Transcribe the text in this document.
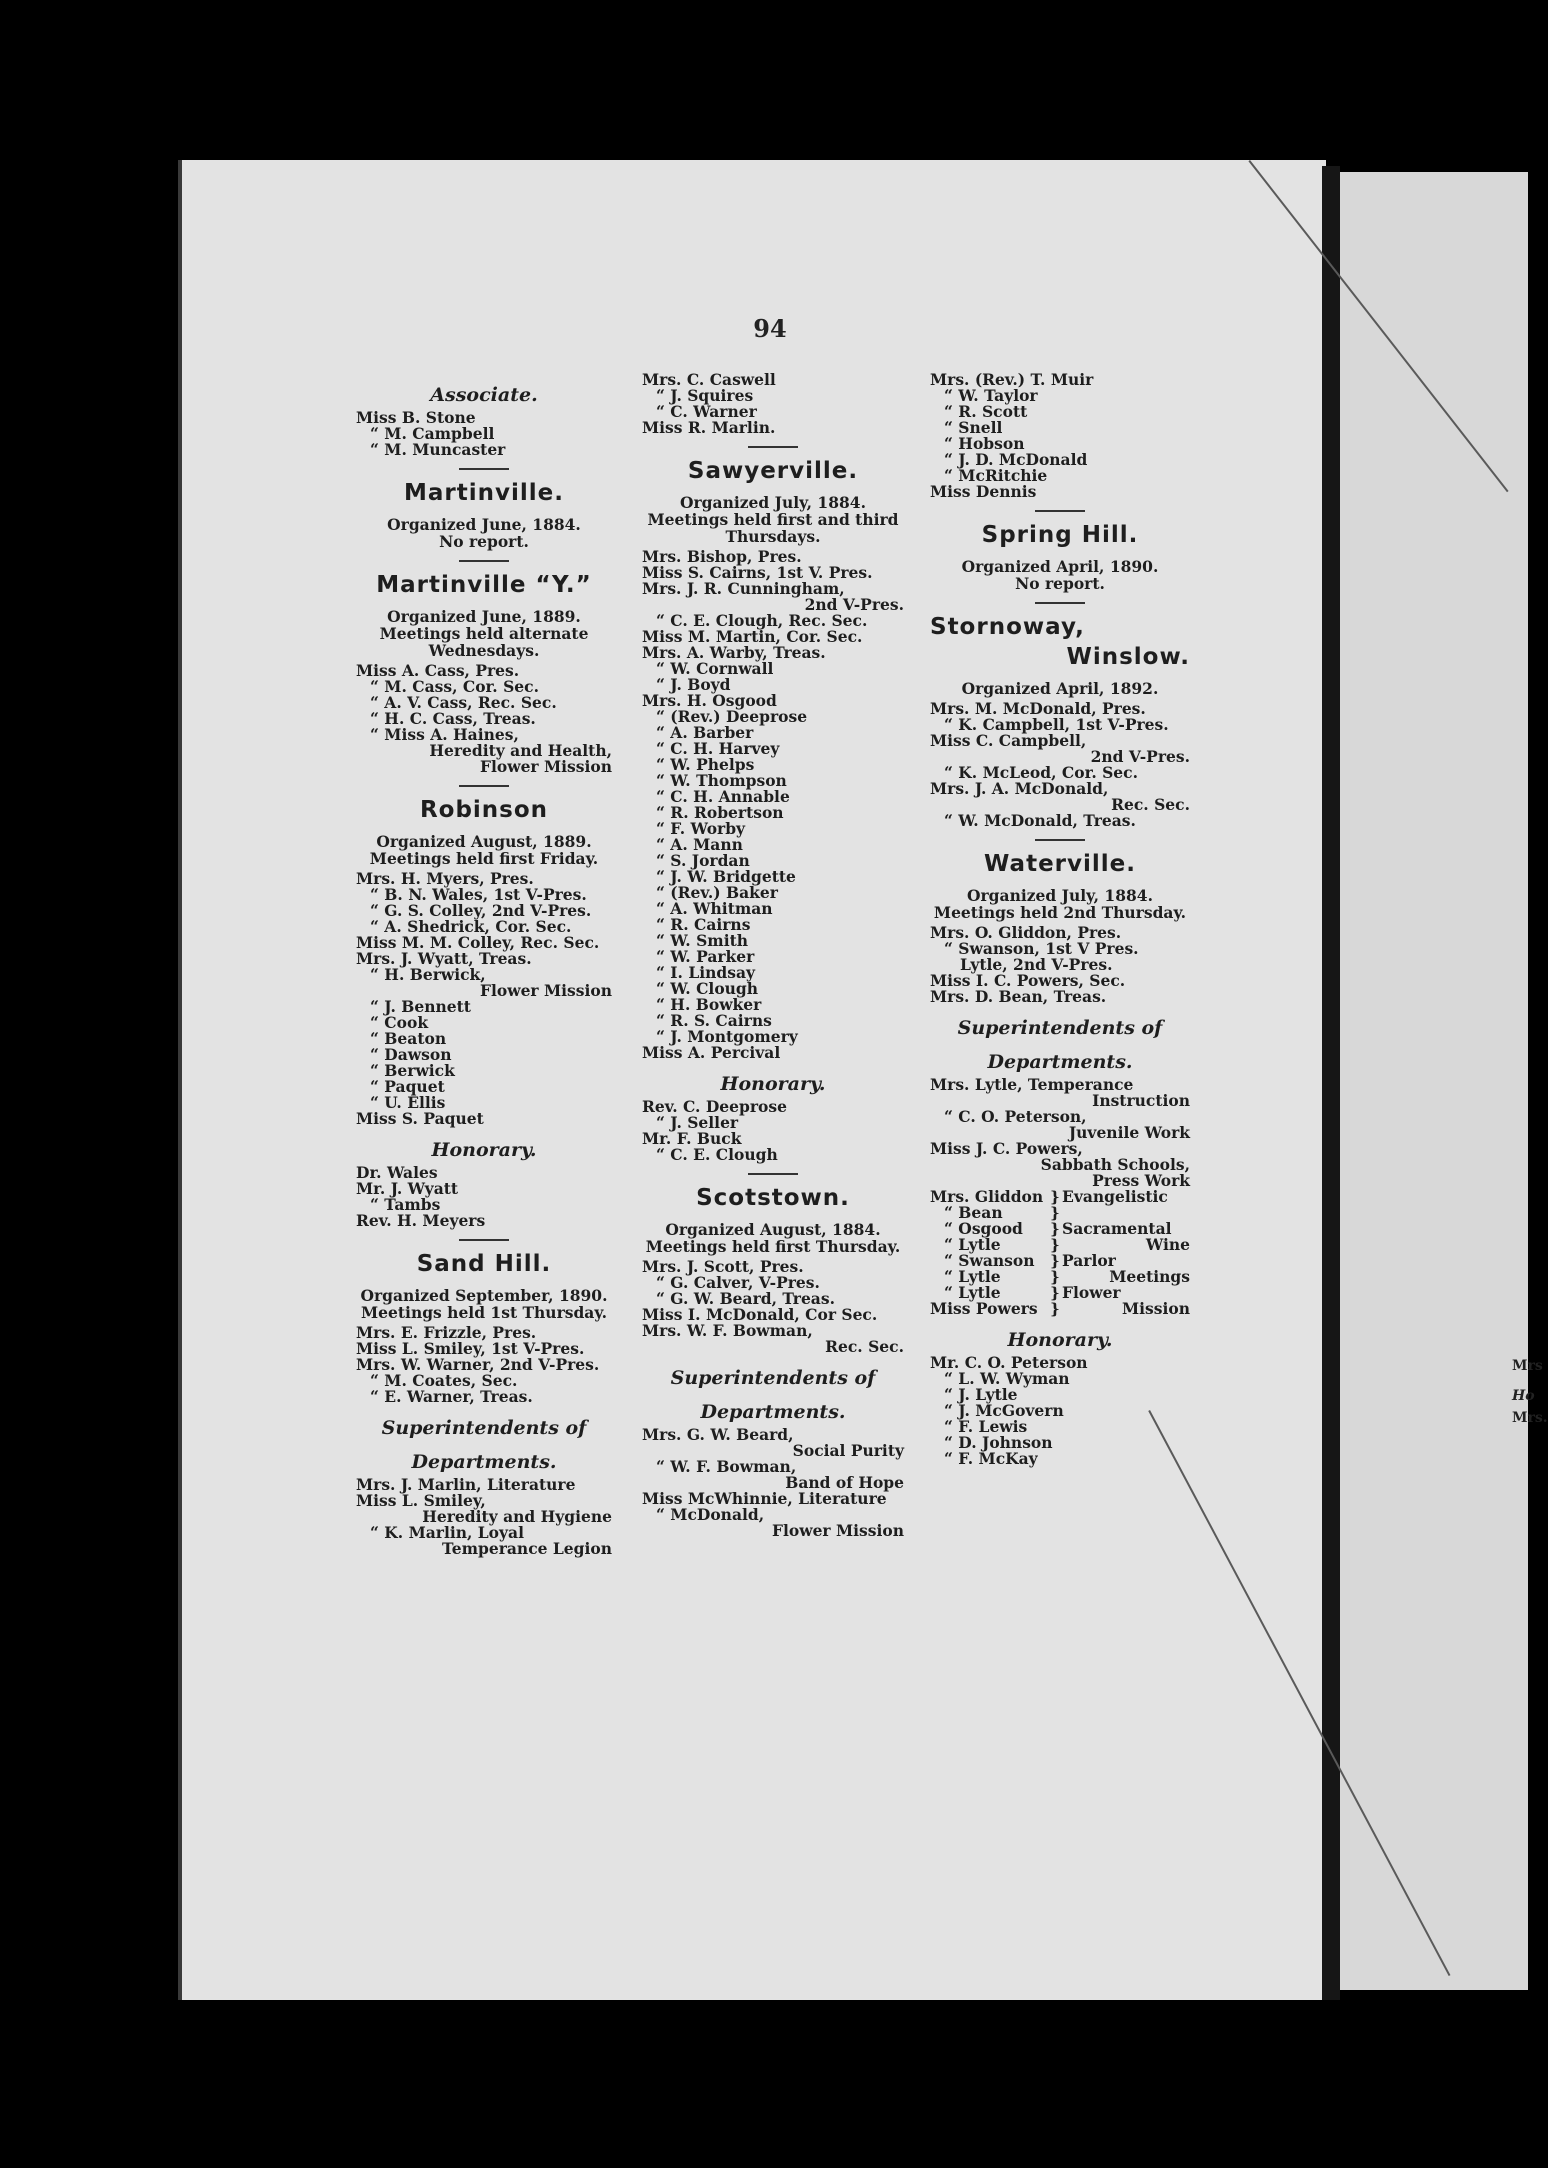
94
Associate.
Miss B. Stone
“ M. Campbell
“ M. Muncaster
Martinville.
Organized June, 1884.
No report.
Martinville “Y.”
Organized June, 1889.
Meetings held alternate
Wednesdays.
Miss A. Cass, Pres.
“ M. Cass, Cor. Sec.
“ A. V. Cass, Rec. Sec.
“ H. C. Cass, Treas.
“ Miss A. Haines,
Heredity and Health,
Flower Mission
Robinson
Organized August, 1889.
Meetings held first Friday.
Mrs. H. Myers, Pres.
“ B. N. Wales, 1st V-Pres.
“ G. S. Colley, 2nd V-Pres.
“ A. Shedrick, Cor. Sec.
Miss M. M. Colley, Rec. Sec.
Mrs. J. Wyatt, Treas.
“ H. Berwick,
Flower Mission
“ J. Bennett
“ Cook
“ Beaton
“ Dawson
“ Berwick
“ Paquet
“ U. Ellis
Miss S. Paquet
Honorary.
Dr. Wales
Mr. J. Wyatt
“ Tambs
Rev. H. Meyers
Sand Hill.
Organized September, 1890.
Meetings held 1st Thursday.
Mrs. E. Frizzle, Pres.
Miss L. Smiley, 1st V-Pres.
Mrs. W. Warner, 2nd V-Pres.
“ M. Coates, Sec.
“ E. Warner, Treas.
Superintendents of
Departments.
Mrs. J. Marlin, Literature
Miss L. Smiley,
Heredity and Hygiene
“ K. Marlin, Loyal
Temperance Legion
Mrs. C. Caswell
“ J. Squires
“ C. Warner
Miss R. Marlin.
Sawyerville.
Organized July, 1884.
Meetings held first and third
Thursdays.
Mrs. Bishop, Pres.
Miss S. Cairns, 1st V. Pres.
Mrs. J. R. Cunningham,
2nd V-Pres.
“ C. E. Clough, Rec. Sec.
Miss M. Martin, Cor. Sec.
Mrs. A. Warby, Treas.
“ W. Cornwall
“ J. Boyd
Mrs. H. Osgood
“ (Rev.) Deeprose
“ A. Barber
“ C. H. Harvey
“ W. Phelps
“ W. Thompson
“ C. H. Annable
“ R. Robertson
“ F. Worby
“ A. Mann
“ S. Jordan
“ J. W. Bridgette
“ (Rev.) Baker
“ A. Whitman
“ R. Cairns
“ W. Smith
“ W. Parker
“ I. Lindsay
“ W. Clough
“ H. Bowker
“ R. S. Cairns
“ J. Montgomery
Miss A. Percival
Honorary.
Rev. C. Deeprose
“ J. Seller
Mr. F. Buck
“ C. E. Clough
Scotstown.
Organized August, 1884.
Meetings held first Thursday.
Mrs. J. Scott, Pres.
“ G. Calver, V-Pres.
“ G. W. Beard, Treas.
Miss I. McDonald, Cor Sec.
Mrs. W. F. Bowman,
Rec. Sec.
Superintendents of
Departments.
Mrs. G. W. Beard,
Social Purity
“ W. F. Bowman,
Band of Hope
Miss McWhinnie, Literature
“ McDonald,
Flower Mission
Mrs. (Rev.) T. Muir
“ W. Taylor
“ R. Scott
“ Snell
“ Hobson
“ J. D. McDonald
“ McRitchie
Miss Dennis
Spring Hill.
Organized April, 1890.
No report.
Stornoway,
Winslow.
Organized April, 1892.
Mrs. M. McDonald, Pres.
“ K. Campbell, 1st V-Pres.
Miss C. Campbell,
2nd V-Pres.
“ K. McLeod, Cor. Sec.
Mrs. J. A. McDonald,
Rec. Sec.
“ W. McDonald, Treas.
Waterville.
Organized July, 1884.
Meetings held 2nd Thursday.
Mrs. O. Gliddon, Pres.
“ Swanson, 1st V Pres.
Lytle, 2nd V-Pres.
Miss I. C. Powers, Sec.
Mrs. D. Bean, Treas.
Superintendents of
Departments.
Mrs. Lytle, Temperance
Instruction
“ C. O. Peterson,
Juvenile Work
Miss J. C. Powers,
Sabbath Schools,
Press Work
Mrs. Gliddon
“ Bean
}
}
Evangelistic
“ Osgood
“ Lytle
}
}
Sacramental
Wine
“ Swanson
“ Lytle
}
}
Parlor
Meetings
“ Lytle
Miss Powers
}
}
Flower
Mission
Honorary.
Mr. C. O. Peterson
“ L. W. Wyman
“ J. Lytle
“ J. McGovern
“ F. Lewis
“ D. Johnson
“ F. McKay
Mrs
Ho
Mrs.
